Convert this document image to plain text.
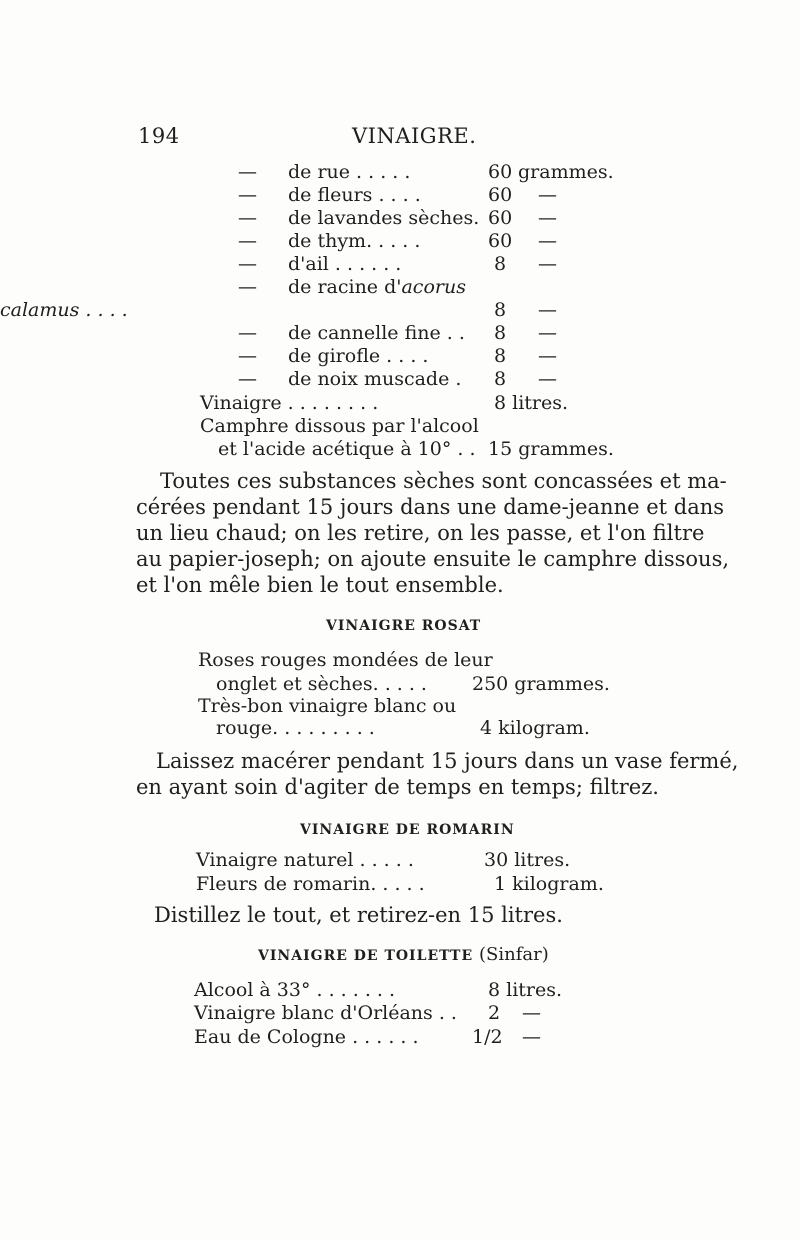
194	VINAIGRE.
— de rue . . . . .	60 grammes.
— de fleurs . . . .	60 —
— de lavandes sèches. 60 —
— de thym. . . . .	60 —
— d'ail . . . . . .	8 —
— de racine d'acorus
calamus . . . .	8 —
— de cannelle fine . . 8 —
— de girofle . . . .	8 —
— de noix muscade . 8 —
Vinaigre . . . . . . . .	8 litres.
Camphre dissous par l'alcool
et l'acide acétique à 10° . . 15 grammes.
Toutes ces substances sèches sont concassées et ma-
cérées pendant 15 jours dans une dame-jeanne et dans
un lieu chaud; on les retire, on les passe, et l'on filtre
au papier-joseph; on ajoute ensuite le camphre dissous,
et l'on mêle bien le tout ensemble.
VINAIGRE ROSAT
Roses rouges mondées de leur
onglet et sèches. . . . . 250 grammes.
Très-bon vinaigre blanc ou
rouge. . . . . . . . .	4 kilogram.
Laissez macérer pendant 15 jours dans un vase fermé,
en ayant soin d'agiter de temps en temps; filtrez.
VINAIGRE DE ROMARIN
Vinaigre naturel . . . . .	30 litres.
Fleurs de romarin. . . . .	1 kilogram.
Distillez le tout, et retirez-en 15 litres.
VINAIGRE DE TOILETTE (Sinfar)
Alcool à 33° . . . . . . .	8 litres.
Vinaigre blanc d'Orléans . . 2 —
Eau de Cologne . . . . . .	1/2 —
